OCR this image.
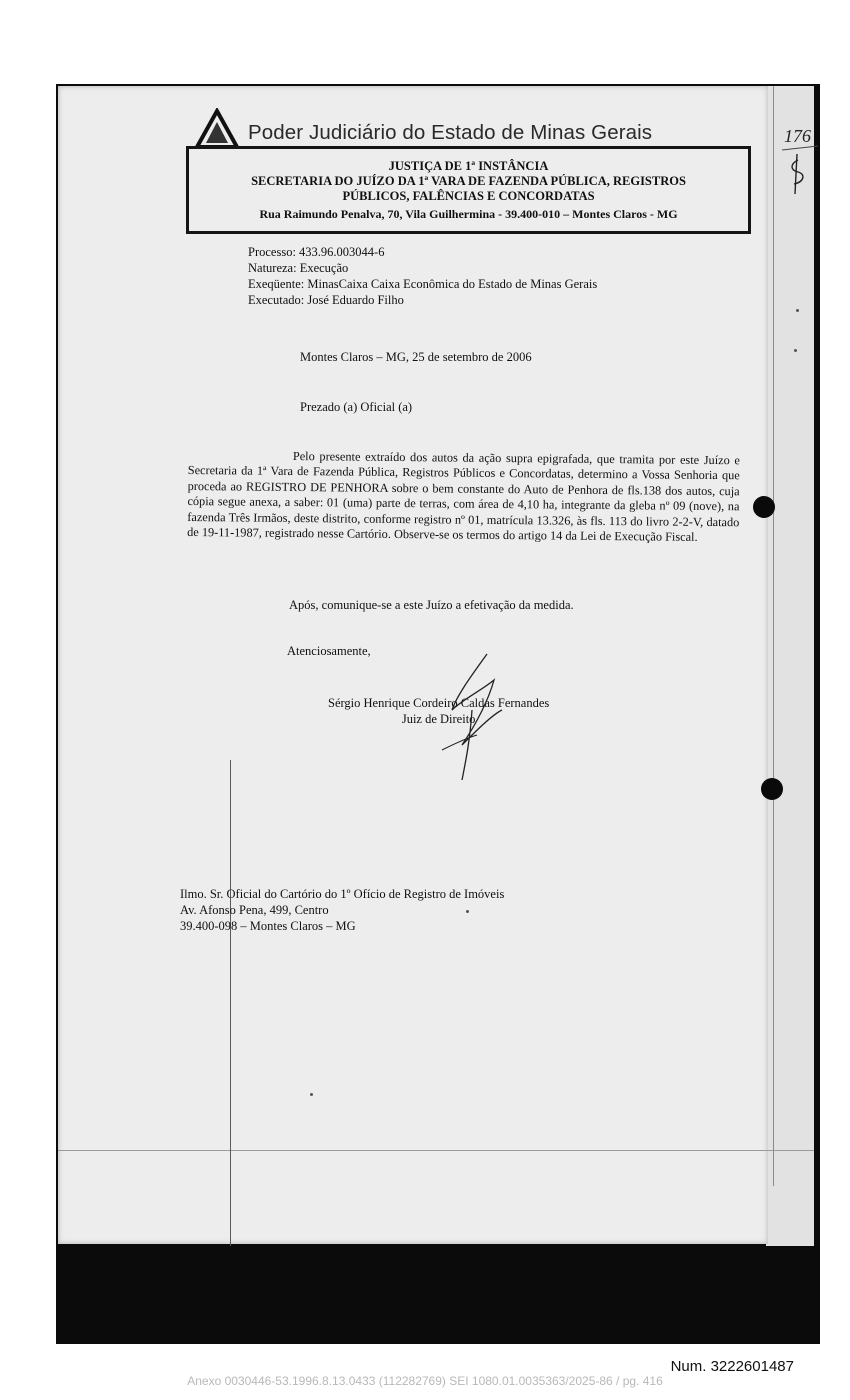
Poder Judiciário do Estado de Minas Gerais
JUSTIÇA DE 1ª INSTÂNCIA
SECRETARIA DO JUÍZO DA 1ª VARA DE FAZENDA PÚBLICA, REGISTROS
PÚBLICOS, FALÊNCIAS E CONCORDATAS
Rua Raimundo Penalva, 70, Vila Guilhermina - 39.400-010 – Montes Claros - MG
Processo: 433.96.003044-6
Natureza: Execução
Exeqüente: MinasCaixa Caixa Econômica do Estado de Minas Gerais
Executado: José Eduardo Filho
Montes Claros – MG, 25 de setembro de 2006
Prezado (a) Oficial (a)
Pelo presente extraído dos autos da ação supra epigrafada, que tramita por este Juízo e Secretaria da 1ª Vara de Fazenda Pública, Registros Públicos e Concordatas, determino a Vossa Senhoria que proceda ao REGISTRO DE PENHORA sobre o bem constante do Auto de Penhora de fls.138 dos autos, cuja cópia segue anexa, a saber: 01 (uma) parte de terras, com área de 4,10 ha, integrante da gleba nº 09 (nove), na fazenda Três Irmãos, deste distrito, conforme registro nº 01, matrícula 13.326, às fls. 113 do livro 2-2-V, datado de 19-11-1987, registrado nesse Cartório. Observe-se os termos do artigo 14 da Lei de Execução Fiscal.
Após, comunique-se a este Juízo a efetivação da medida.
Atenciosamente,
Sérgio Henrique Cordeiro Caldas Fernandes
Juiz de Direito
Ilmo. Sr. Oficial do Cartório do 1º Ofício de Registro de Imóveis
Av. Afonso Pena, 499, Centro
39.400-098 – Montes Claros – MG
176
Num. 3222601487
Anexo 0030446-53.1996.8.13.0433 (112282769) SEI 1080.01.0035363/2025-86 / pg. 416
